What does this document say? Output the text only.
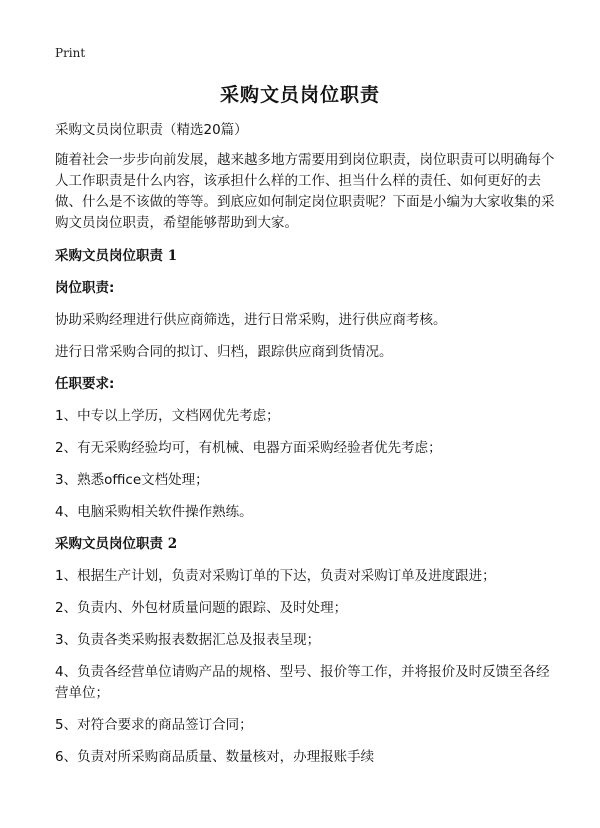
Print
采购文员岗位职责

采购文员岗位职责（精选20篇）

随着社会一步步向前发展，越来越多地方需要用到岗位职责，岗位职责可以明确每个人工作职责是什么内容，该承担什么样的工作、担当什么样的责任、如何更好的去做、什么是不该做的等等。到底应如何制定岗位职责呢？下面是小编为大家收集的采购文员岗位职责，希望能够帮助到大家。

采购文员岗位职责 1

岗位职责:

协助采购经理进行供应商筛选，进行日常采购，进行供应商考核。

进行日常采购合同的拟订、归档，跟踪供应商到货情况。

任职要求:

1、中专以上学历，文档网优先考虑；

2、有无采购经验均可，有机械、电器方面采购经验者优先考虑；

3、熟悉office文档处理；

4、电脑采购相关软件操作熟练。

采购文员岗位职责 2

1、根据生产计划，负责对采购订单的下达，负责对采购订单及进度跟进；

2、负责内、外包材质量问题的跟踪、及时处理；

3、负责各类采购报表数据汇总及报表呈现；

4、负责各经营单位请购产品的规格、型号、报价等工作，并将报价及时反馈至各经营单位；

5、对符合要求的商品签订合同；

6、负责对所采购商品质量、数量核对，办理报账手续
